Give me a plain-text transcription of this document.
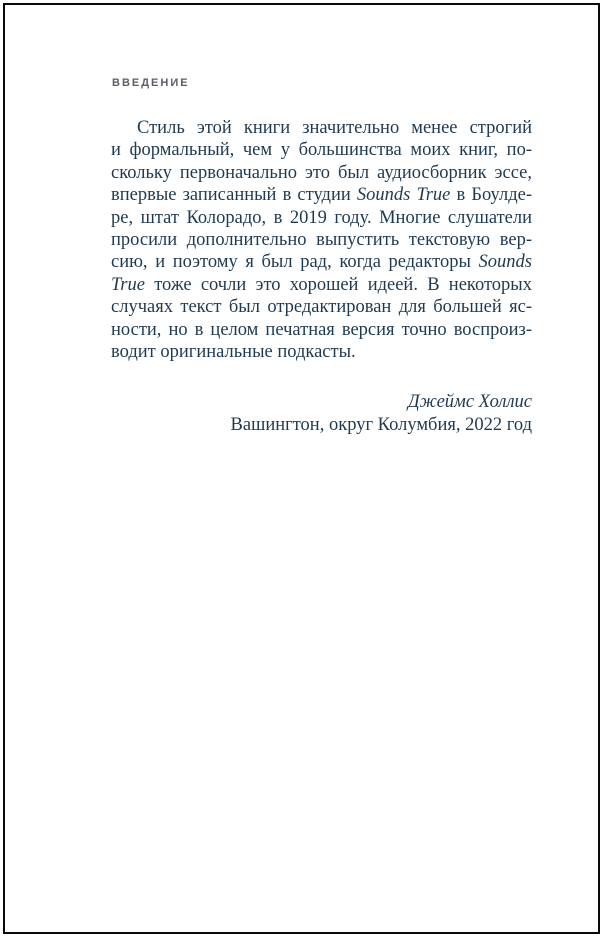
ВВЕДЕНИЕ
Стиль этой книги значительно менее строгий
и формальный, чем у большинства моих книг, по-
скольку первоначально это был аудиосборник эссе,
впервые записанный в студии Sounds True в Боулде-
ре, штат Колорадо, в 2019 году. Многие слушатели
просили дополнительно выпустить текстовую вер-
сию, и поэтому я был рад, когда редакторы Sounds
True тоже сочли это хорошей идеей. В некоторых
случаях текст был отредактирован для большей яс-
ности, но в целом печатная версия точно воспроиз-
водит оригинальные подкасты.
Джеймс Холлис
Вашингтон, округ Колумбия, 2022 год
